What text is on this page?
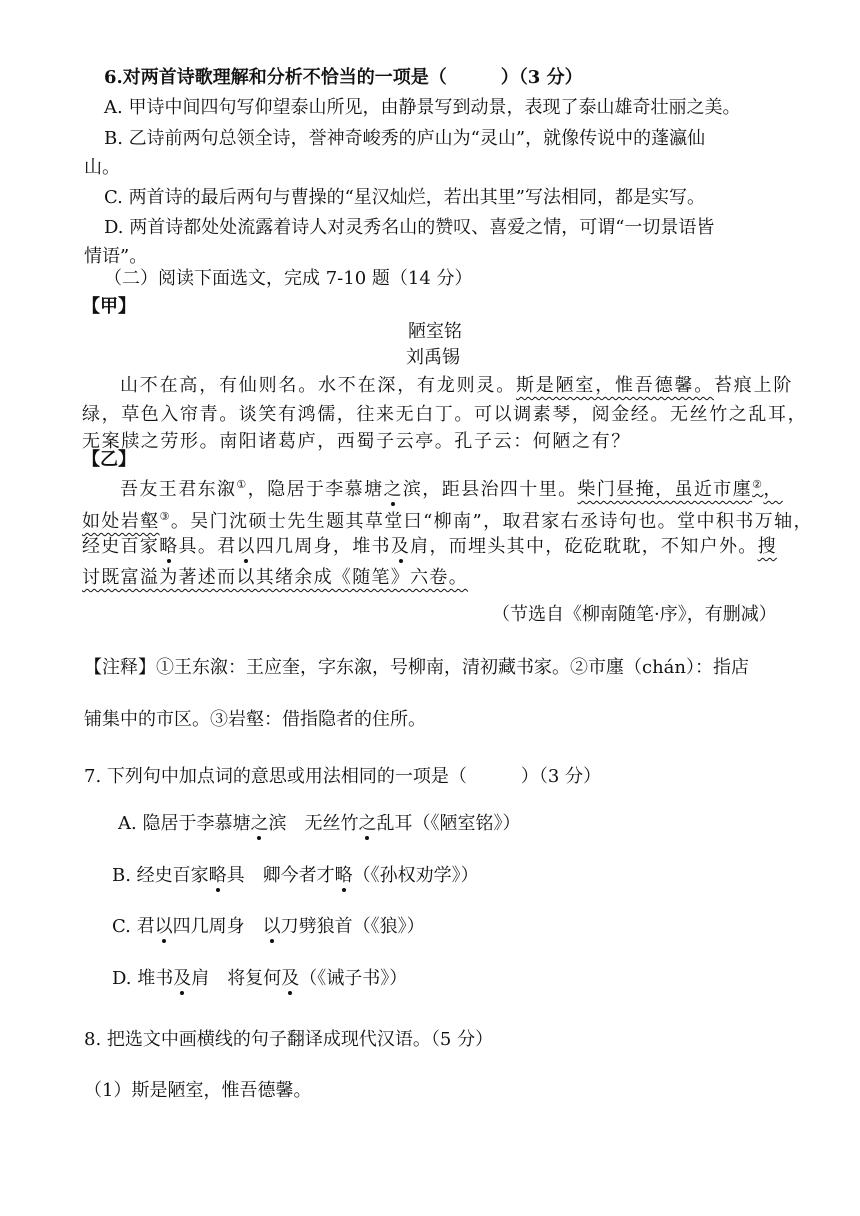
6.对两首诗歌理解和分析不恰当的一项是（　　　）（3 分）
A. 甲诗中间四句写仰望泰山所见，由静景写到动景，表现了泰山雄奇壮丽之美。
B. 乙诗前两句总领全诗，誉神奇峻秀的庐山为“灵山”，就像传说中的蓬瀛仙
山。
C. 两首诗的最后两句与曹操的“星汉灿烂，若出其里”写法相同，都是实写。
D. 两首诗都处处流露着诗人对灵秀名山的赞叹、喜爱之情，可谓“一切景语皆
情语”。
（二）阅读下面选文，完成 7-10 题（14 分）
【甲】
陋室铭
刘禹锡
山不在高，有仙则名。水不在深，有龙则灵。斯是陋室，惟吾德馨。苔痕上阶
绿，草色入帘青。谈笑有鸿儒，往来无白丁。可以调素琴，阅金经。无丝竹之乱耳，
无案牍之劳形。南阳诸葛庐，西蜀子云亭。孔子云：何陋之有？
【乙】
吾友王君东溆①，隐居于李慕塘之滨，距县治四十里。柴门昼掩，虽近市廛②，
如处岩壑③。吴门沈硕士先生题其草堂曰“柳南”，取君家右丞诗句也。堂中积书万轴，
经史百家略具。君以四几周身，堆书及肩，而埋头其中，矻矻耽耽，不知户外。搜
讨既富溢为著述而以其绪余成《随笔》六卷。
（节选自《柳南随笔·序》，有删减）
【注释】①王东溆：王应奎，字东溆，号柳南，清初藏书家。②市廛（chán）：指店
铺集中的市区。③岩壑：借指隐者的住所。
7. 下列句中加点词的意思或用法相同的一项是（　　　）（3 分）
A. 隐居于李慕塘之滨　无丝竹之乱耳（《陋室铭》）
B. 经史百家略具　卿今者才略（《孙权劝学》）
C. 君以四几周身　以刀劈狼首（《狼》）
D. 堆书及肩　将复何及（《诫子书》）
8. 把选文中画横线的句子翻译成现代汉语。（5 分）
（1）斯是陋室，惟吾德馨。
